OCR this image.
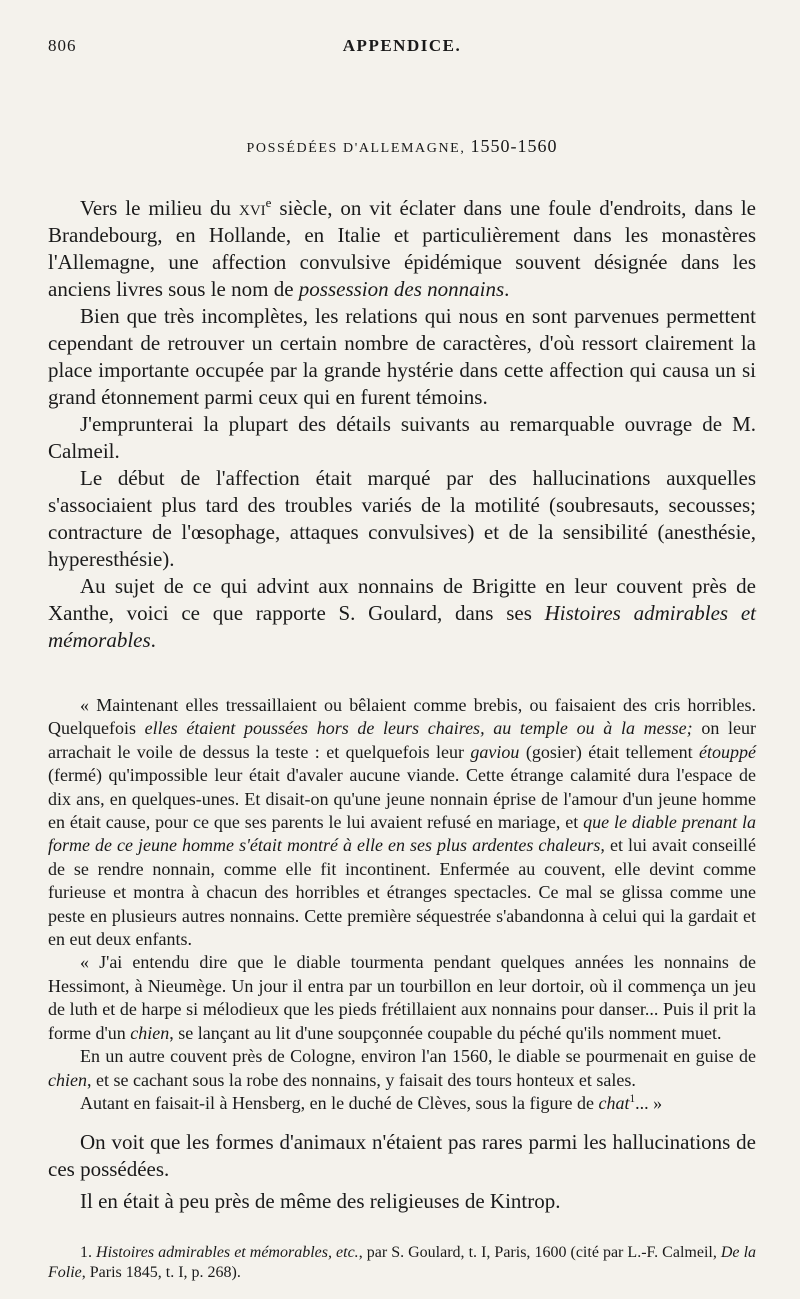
806	APPENDICE.
POSSÉDÉES D'ALLEMAGNE, 1550-1560

Vers le milieu du xvi$^e$ siècle, on vit éclater dans une foule d'endroits, dans le Brandebourg, en Hollande, en Italie et particulièrement dans les monastères l'Allemagne, une affection convulsive épidémique souvent désignée dans les anciens livres sous le nom de possession des nonnains.

Bien que très incomplètes, les relations qui nous en sont parvenues permettent cependant de retrouver un certain nombre de caractères, d'où ressort clairement la place importante occupée par la grande hystérie dans cette affection qui causa un si grand étonnement parmi ceux qui en furent témoins.

J'emprunterai la plupart des détails suivants au remarquable ouvrage de M. Calmeil.

Le début de l'affection était marqué par des hallucinations auxquelles s'associaient plus tard des troubles variés de la motilité (soubresauts, secousses; contracture de l'œsophage, attaques convulsives) et de la sensibilité (anesthésie, hyperesthésie).

Au sujet de ce qui advint aux nonnains de Brigitte en leur couvent près de Xanthe, voici ce que rapporte S. Goulard, dans ses Histoires admirables et mémorables.

« Maintenant elles tressaillaient ou bêlaient comme brebis, ou faisaient des cris horribles. Quelquefois elles étaient poussées hors de leurs chaires, au temple ou à la messe; on leur arrachait le voile de dessus la teste : et quelquefois leur gaviou (gosier) était tellement étouppé (fermé) qu'impossible leur était d'avaler aucune viande. Cette étrange calamité dura l'espace de dix ans, en quelques-unes. Et disait-on qu'une jeune nonnain éprise de l'amour d'un jeune homme en était cause, pour ce que ses parents le lui avaient refusé en mariage, et que le diable prenant la forme de ce jeune homme s'était montré à elle en ses plus ardentes chaleurs, et lui avait conseillé de se rendre nonnain, comme elle fit incontinent. Enfermée au couvent, elle devint comme furieuse et montra à chacun des horribles et étranges spectacles. Ce mal se glissa comme une peste en plusieurs autres nonnains. Cette première séquestrée s'abandonna à celui qui la gardait et en eut deux enfants.

« J'ai entendu dire que le diable tourmenta pendant quelques années les nonnains de Hessimont, à Nieumège. Un jour il entra par un tourbillon en leur dortoir, où il commença un jeu de luth et de harpe si mélodieux que les pieds frétillaient aux nonnains pour danser... Puis il prit la forme d'un chien, se lançant au lit d'une soupçonnée coupable du péché qu'ils nomment muet.

En un autre couvent près de Cologne, environ l'an 1560, le diable se pourmenait en guise de chien, et se cachant sous la robe des nonnains, y faisait des tours honteux et sales.

Autant en faisait-il à Hensberg, en le duché de Clèves, sous la figure de chat$^1$... »

On voit que les formes d'animaux n'étaient pas rares parmi les hallucinations de ces possédées.

Il en était à peu près de même des religieuses de Kintrop.

1. Histoires admirables et mémorables, etc., par S. Goulard, t. I, Paris, 1600 (cité par L.-F. Calmeil, De la Folie, Paris 1845, t. I, p. 268).
